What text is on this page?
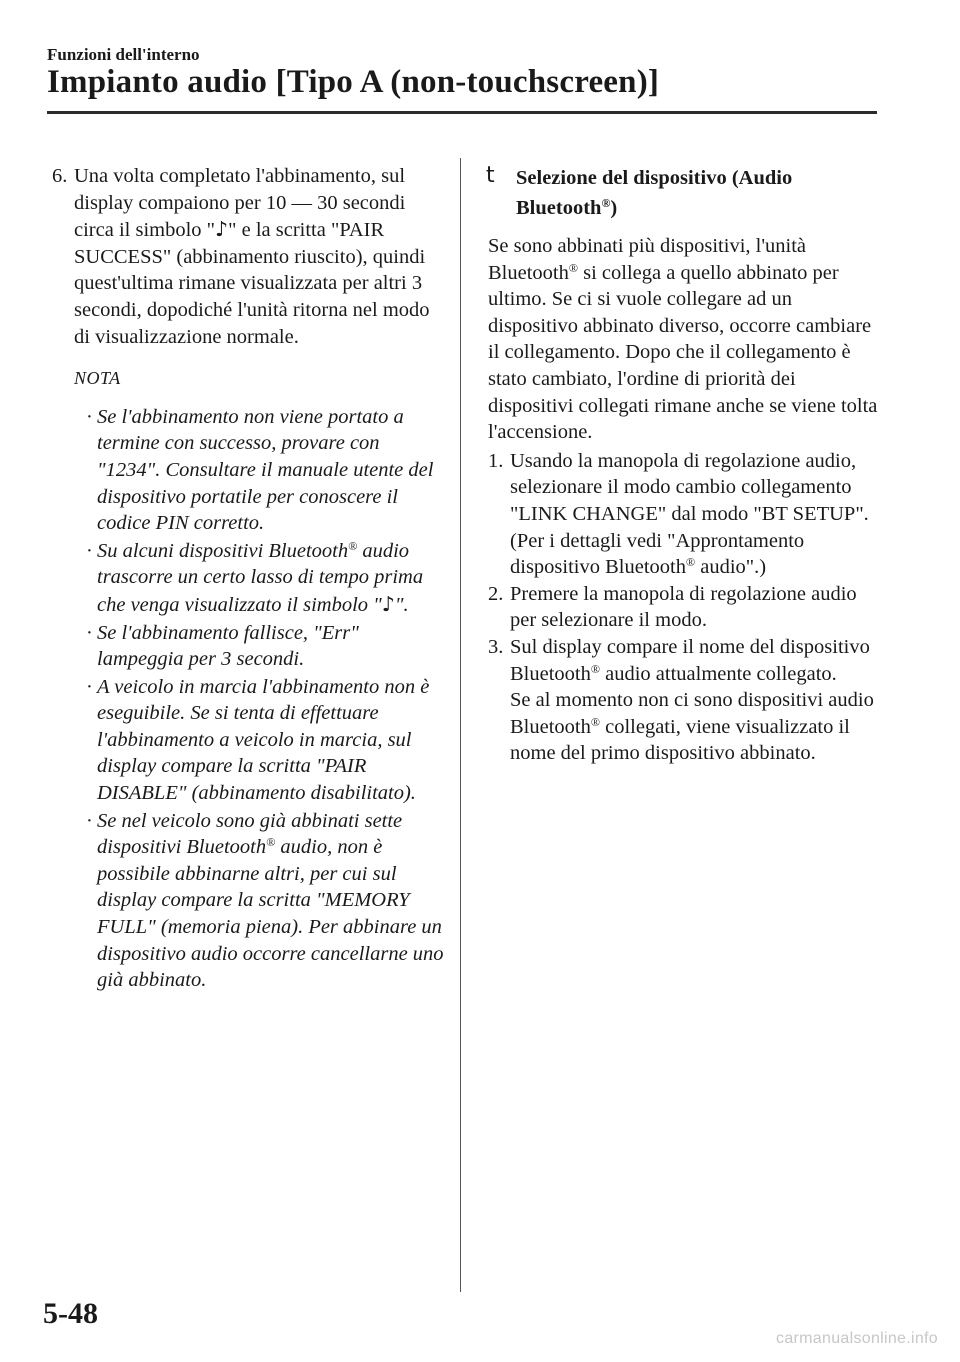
Funzioni dell'interno
Impianto audio [Tipo A (non-touchscreen)]
6. Una volta completato l'abbinamento, sul display compaiono per 10 — 30 secondi circa il simbolo "♪" e la scritta "PAIR SUCCESS" (abbinamento riuscito), quindi quest'ultima rimane visualizzata per altri 3 secondi, dopodiché l'unità ritorna nel modo di visualizzazione normale.
NOTA
· Se l'abbinamento non viene portato a termine con successo, provare con "1234". Consultare il manuale utente del dispositivo portatile per conoscere il codice PIN corretto.
· Su alcuni dispositivi Bluetooth® audio trascorre un certo lasso di tempo prima che venga visualizzato il simbolo "♪".
· Se l'abbinamento fallisce, "Err" lampeggia per 3 secondi.
· A veicolo in marcia l'abbinamento non è eseguibile. Se si tenta di effettuare l'abbinamento a veicolo in marcia, sul display compare la scritta "PAIR DISABLE" (abbinamento disabilitato).
· Se nel veicolo sono già abbinati sette dispositivi Bluetooth® audio, non è possibile abbinarne altri, per cui sul display compare la scritta "MEMORY FULL" (memoria piena). Per abbinare un dispositivo audio occorre cancellarne uno già abbinato.
t Selezione del dispositivo (Audio Bluetooth®)

Se sono abbinati più dispositivi, l'unità Bluetooth® si collega a quello abbinato per ultimo. Se ci si vuole collegare ad un dispositivo abbinato diverso, occorre cambiare il collegamento. Dopo che il collegamento è stato cambiato, l'ordine di priorità dei dispositivi collegati rimane anche se viene tolta l'accensione.

1. Usando la manopola di regolazione audio, selezionare il modo cambio collegamento "LINK CHANGE" dal modo "BT SETUP". (Per i dettagli vedi "Approntamento dispositivo Bluetooth® audio".)
2. Premere la manopola di regolazione audio per selezionare il modo.
3. Sul display compare il nome del dispositivo Bluetooth® audio attualmente collegato.

Se al momento non ci sono dispositivi audio Bluetooth® collegati, viene visualizzato il nome del primo dispositivo abbinato.

5-48
carmanualsonline.info
